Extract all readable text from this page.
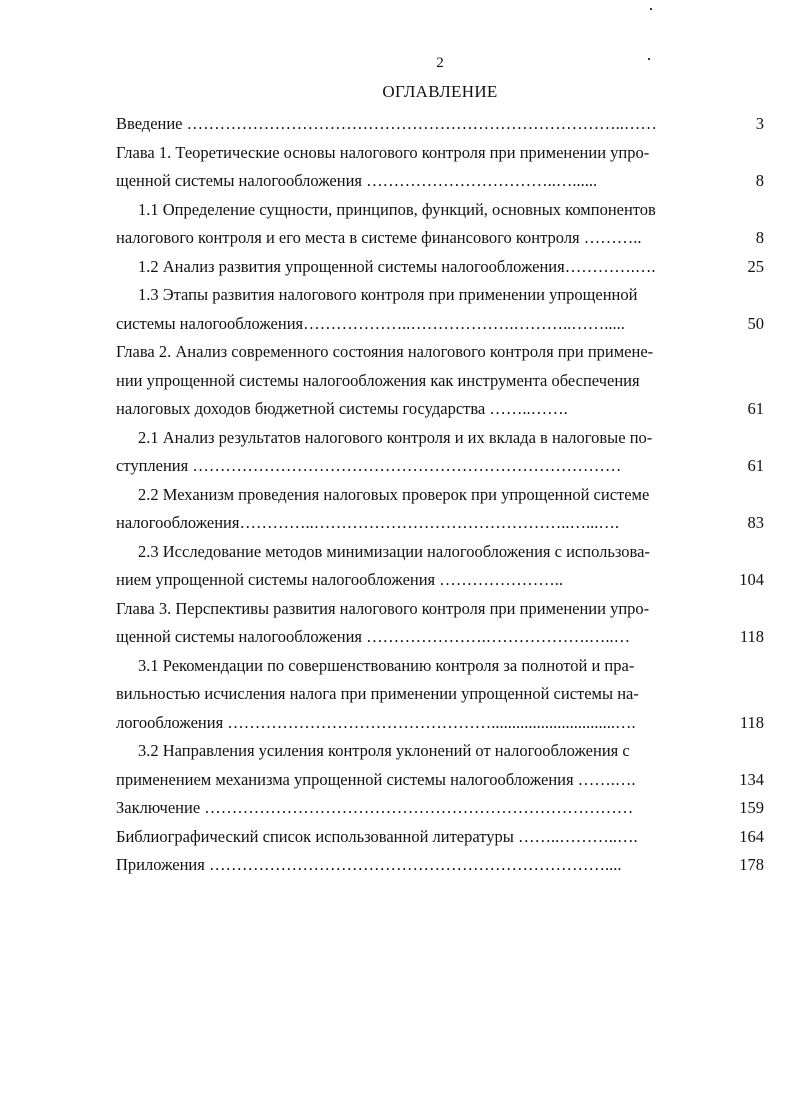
2
ОГЛАВЛЕНИЕ
Введение ……………………………………………………………………..……	3
Глава 1. Теоретические основы налогового контроля при применении упро-
щенной системы налогообложения ……………………………..…......	8
1.1 Определение сущности, принципов, функций, основных компонентов
налогового контроля и его места в системе финансового контроля ………..	8
1.2 Анализ развития упрощенной системы налогообложения………….….	25
1.3 Этапы развития налогового контроля при применении упрощенной
системы налогообложения………………..……………….………..…….....	50
Глава 2. Анализ современного состояния налогового контроля при примене-
нии упрощенной системы налогообложения как инструмента обеспечения
налоговых доходов бюджетной системы государства ……..…….	61
2.1 Анализ результатов налогового контроля и их вклада в налоговые по-
ступления ……………………………………………………………………	61
2.2 Механизм проведения налоговых проверок при упрощенной системе
налогообложения…………..………………………………………..…...….	83
2.3 Исследование методов минимизации налогообложения с использова-
нием упрощенной системы налогообложения …………………..	104
Глава 3. Перспективы развития налогового контроля при применении упро-
щенной системы налогообложения ………………….……………….…..…	118
3.1 Рекомендации по совершенствованию контроля за полнотой и пра-
вильностью исчисления налога при применении упрощенной системы на-
логообложения …………………………………………..............................….	118
3.2 Направления усиления контроля уклонений от налогообложения с
применением механизма упрощенной системы налогообложения …….….	134
Заключение ……………………………………………………………………	159
Библиографический список использованной литературы ……..………..….	164
Приложения ………………………………………………………………....	178
